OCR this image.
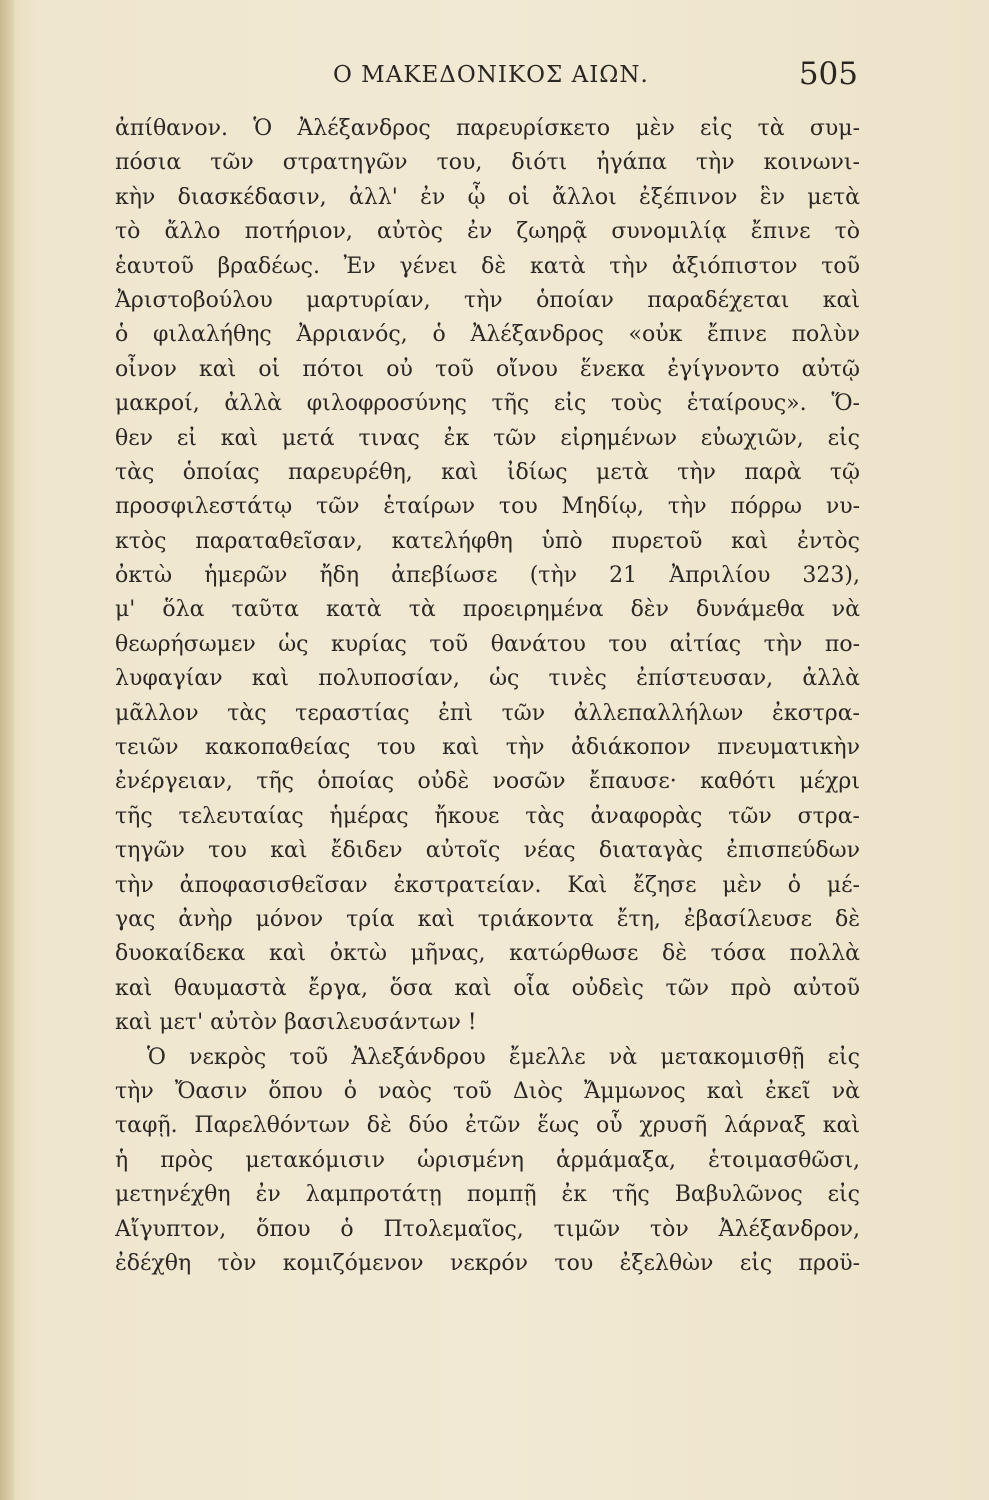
Ο ΜΑΚΕΔΟΝΙΚΟΣ ΑΙΩΝ.	505
ἀπίθανον. Ὁ Ἀλέξανδρος παρευρίσκετο μὲν εἰς τὰ συμ-
πόσια τῶν στρατηγῶν του, διότι ἠγάπα τὴν κοινωνι-
κὴν διασκέδασιν, ἀλλ' ἐν ᾧ οἱ ἄλλοι ἐξέπινον ἓν μετὰ
τὸ ἄλλο ποτήριον, αὐτὸς ἐν ζωηρᾷ συνομιλίᾳ ἔπινε τὸ
ἑαυτοῦ βραδέως. Ἐν γένει δὲ κατὰ τὴν ἀξιόπιστον τοῦ
Ἀριστοβούλου μαρτυρίαν, τὴν ὁποίαν παραδέχεται καὶ
ὁ φιλαλήθης Ἀρριανός, ὁ Ἀλέξανδρος «οὐκ ἔπινε πολὺν
οἶνον καὶ οἱ πότοι οὐ τοῦ οἴνου ἕνεκα ἐγίγνοντο αὐτῷ
μακροί, ἀλλὰ φιλοφροσύνης τῆς εἰς τοὺς ἑταίρους». Ὅ-
θεν εἰ καὶ μετά τινας ἐκ τῶν εἰρημένων εὐωχιῶν, εἰς
τὰς ὁποίας παρευρέθη, καὶ ἰδίως μετὰ τὴν παρὰ τῷ
προσφιλεστάτῳ τῶν ἑταίρων του Μηδίῳ, τὴν πόρρω νυ-
κτὸς παραταθεῖσαν, κατελήφθη ὑπὸ πυρετοῦ καὶ ἐντὸς
ὀκτὼ ἡμερῶν ἤδη ἀπεβίωσε (τὴν 21 Ἀπριλίου 323),
μ' ὅλα ταῦτα κατὰ τὰ προειρημένα δὲν δυνάμεθα νὰ
θεωρήσωμεν ὡς κυρίας τοῦ θανάτου του αἰτίας τὴν πο-
λυφαγίαν καὶ πολυποσίαν, ὡς τινὲς ἐπίστευσαν, ἀλλὰ
μᾶλλον τὰς τεραστίας ἐπὶ τῶν ἀλλεπαλλήλων ἐκστρα-
τειῶν κακοπαθείας του καὶ τὴν ἀδιάκοπον πνευματικὴν
ἐνέργειαν, τῆς ὁποίας οὐδὲ νοσῶν ἔπαυσε· καθότι μέχρι
τῆς τελευταίας ἡμέρας ἤκουε τὰς ἀναφορὰς τῶν στρα-
τηγῶν του καὶ ἔδιδεν αὐτοῖς νέας διαταγὰς ἐπισπεύδων
τὴν ἀποφασισθεῖσαν ἐκστρατείαν. Καὶ ἔζησε μὲν ὁ μέ-
γας ἀνὴρ μόνον τρία καὶ τριάκοντα ἔτη, ἐβασίλευσε δὲ
δυοκαίδεκα καὶ ὀκτὼ μῆνας, κατώρθωσε δὲ τόσα πολλὰ
καὶ θαυμαστὰ ἔργα, ὅσα καὶ οἷα οὐδεὶς τῶν πρὸ αὐτοῦ
καὶ μετ' αὐτὸν βασιλευσάντων !
Ὁ νεκρὸς τοῦ Ἀλεξάνδρου ἔμελλε νὰ μετακομισθῇ εἰς
τὴν Ὄασιν ὅπου ὁ ναὸς τοῦ Διὸς Ἄμμωνος καὶ ἐκεῖ νὰ
ταφῇ. Παρελθόντων δὲ δύο ἐτῶν ἕως οὗ χρυσῆ λάρναξ καὶ
ἡ πρὸς μετακόμισιν ὡρισμένη ἁρμάμαξα, ἑτοιμασθῶσι,
μετηνέχθη ἐν λαμπροτάτῃ πομπῇ ἐκ τῆς Βαβυλῶνος εἰς
Αἴγυπτον, ὅπου ὁ Πτολεμαῖος, τιμῶν τὸν Ἀλέξανδρον,
ἐδέχθη τὸν κομιζόμενον νεκρόν του ἐξελθὼν εἰς προϋ-
